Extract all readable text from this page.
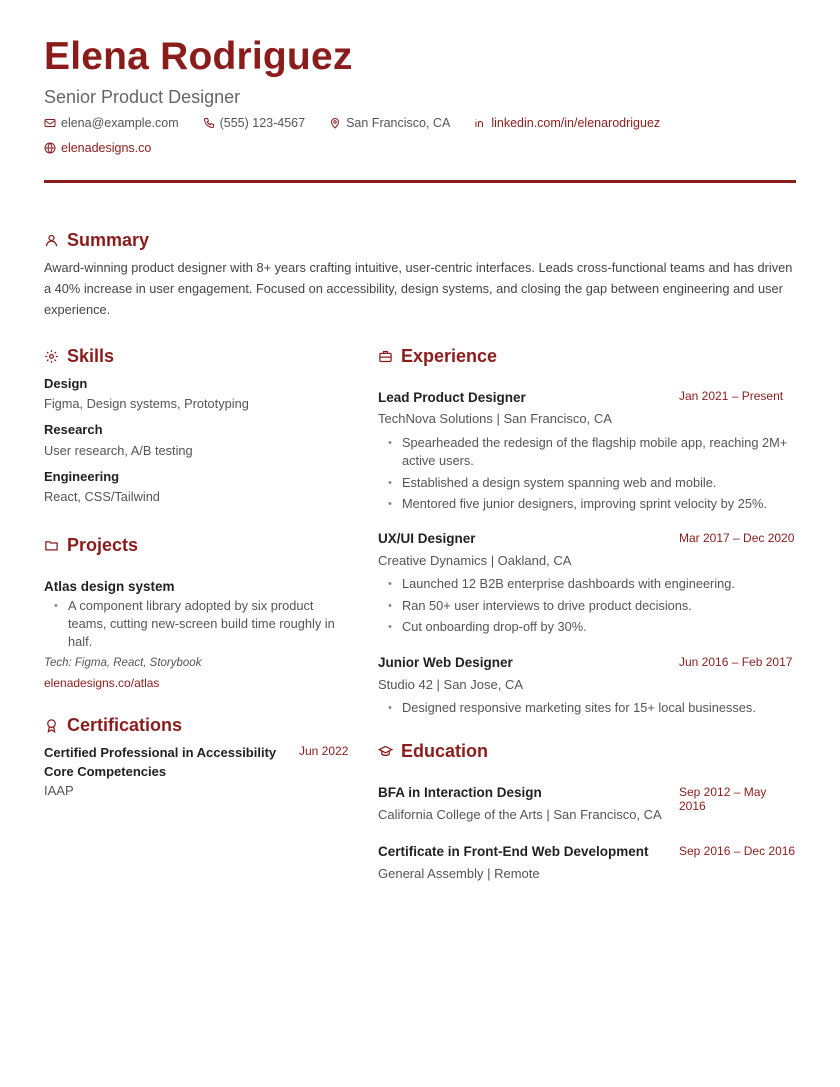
Elena Rodriguez
Senior Product Designer
elena@example.com	(555) 123-4567	San Francisco, CA	linkedin.com/in/elenarodriguez
elenadesigns.co
Summary
Award-winning product designer with 8+ years crafting intuitive, user-centric interfaces. Leads cross-functional teams and has driven a 40% increase in user engagement. Focused on accessibility, design systems, and closing the gap between engineering and user experience.
Skills
Design
Figma, Design systems, Prototyping
Research
User research, A/B testing
Engineering
React, CSS/Tailwind
Projects
Atlas design system
• A component library adopted by six product teams, cutting new-screen build time roughly in half.
Tech: Figma, React, Storybook
elenadesigns.co/atlas
Certifications
Certified Professional in Accessibility Core Competencies
Jun 2022
IAAP
Experience
Lead Product Designer	Jan 2021 – Present
TechNova Solutions | San Francisco, CA
• Spearheaded the redesign of the flagship mobile app, reaching 2M+ active users.
• Established a design system spanning web and mobile.
• Mentored five junior designers, improving sprint velocity by 25%.
UX/UI Designer	Mar 2017 – Dec 2020
Creative Dynamics | Oakland, CA
• Launched 12 B2B enterprise dashboards with engineering.
• Ran 50+ user interviews to drive product decisions.
• Cut onboarding drop-off by 30%.
Junior Web Designer	Jun 2016 – Feb 2017
Studio 42 | San Jose, CA
• Designed responsive marketing sites for 15+ local businesses.
Education
BFA in Interaction Design	Sep 2012 – May 2016
California College of the Arts | San Francisco, CA
Certificate in Front-End Web Development	Sep 2016 – Dec 2016
General Assembly | Remote
